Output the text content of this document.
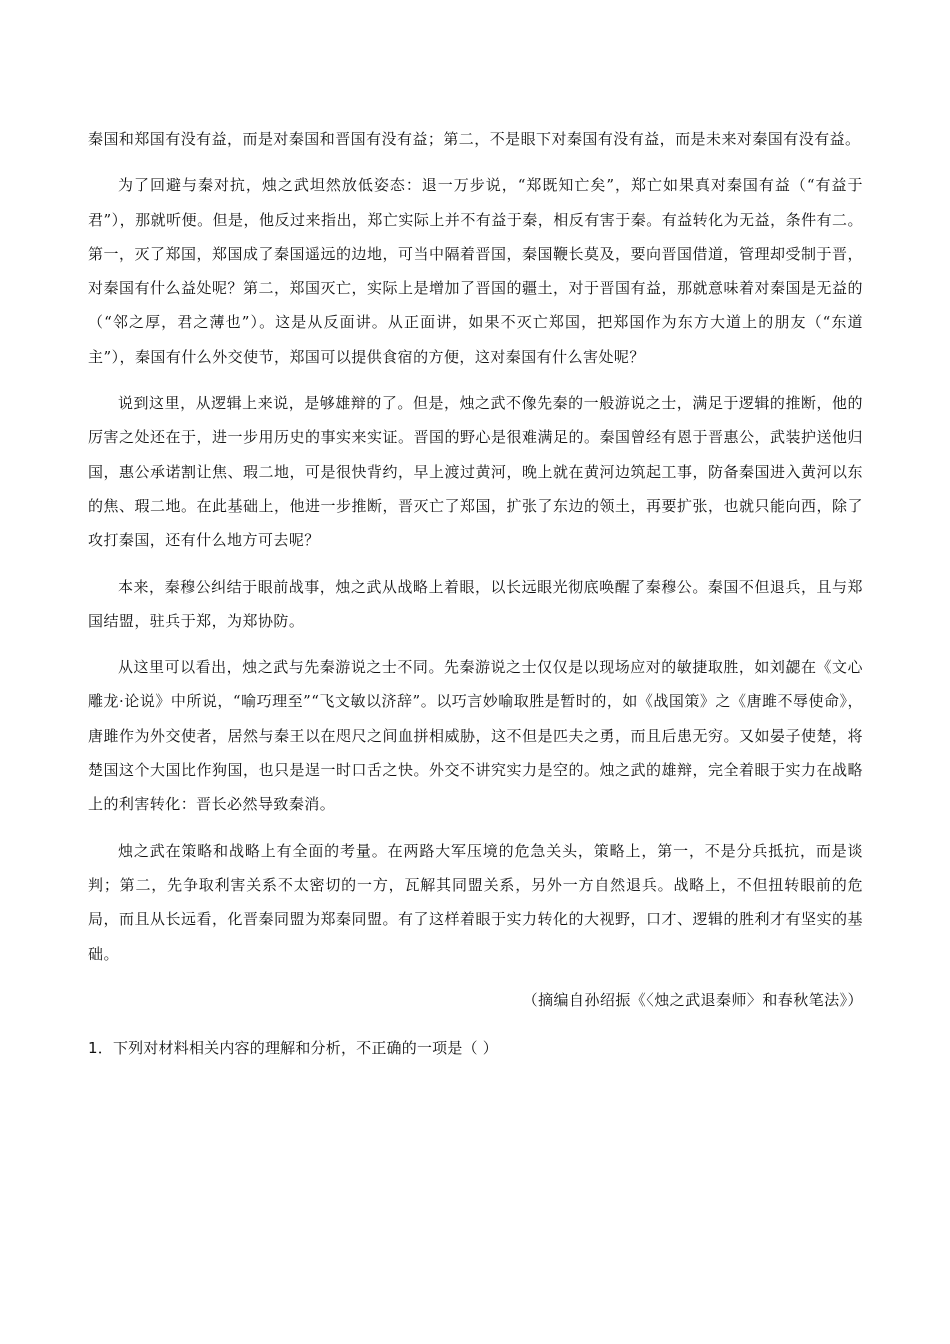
秦国和郑国有没有益，而是对秦国和晋国有没有益；第二，不是眼下对秦国有没有益，而是未来对秦国有没有益。

为了回避与秦对抗，烛之武坦然放低姿态：退一万步说，“郑既知亡矣”，郑亡如果真对秦国有益（“有益于君”），那就听便。但是，他反过来指出，郑亡实际上并不有益于秦，相反有害于秦。有益转化为无益，条件有二。第一，灭了郑国，郑国成了秦国遥远的边地，可当中隔着晋国，秦国鞭长莫及，要向晋国借道，管理却受制于晋，对秦国有什么益处呢？第二，郑国灭亡，实际上是增加了晋国的疆土，对于晋国有益，那就意味着对秦国是无益的（“邻之厚，君之薄也”）。这是从反面讲。从正面讲，如果不灭亡郑国，把郑国作为东方大道上的朋友（“东道主”），秦国有什么外交使节，郑国可以提供食宿的方便，这对秦国有什么害处呢？

说到这里，从逻辑上来说，是够雄辩的了。但是，烛之武不像先秦的一般游说之士，满足于逻辑的推断，他的厉害之处还在于，进一步用历史的事实来实证。晋国的野心是很难满足的。秦国曾经有恩于晋惠公，武装护送他归国，惠公承诺割让焦、瑕二地，可是很快背约，早上渡过黄河，晚上就在黄河边筑起工事，防备秦国进入黄河以东的焦、瑕二地。在此基础上，他进一步推断，晋灭亡了郑国，扩张了东边的领土，再要扩张，也就只能向西，除了攻打秦国，还有什么地方可去呢？

本来，秦穆公纠结于眼前战事，烛之武从战略上着眼，以长远眼光彻底唤醒了秦穆公。秦国不但退兵，且与郑国结盟，驻兵于郑，为郑协防。

从这里可以看出，烛之武与先秦游说之士不同。先秦游说之士仅仅是以现场应对的敏捷取胜，如刘勰在《文心雕龙·论说》中所说，“喻巧理至”“飞文敏以济辞”。以巧言妙喻取胜是暂时的，如《战国策》之《唐雎不辱使命》，唐雎作为外交使者，居然与秦王以在咫尺之间血拼相威胁，这不但是匹夫之勇，而且后患无穷。又如晏子使楚，将楚国这个大国比作狗国，也只是逞一时口舌之快。外交不讲究实力是空的。烛之武的雄辩，完全着眼于实力在战略上的利害转化：晋长必然导致秦消。

烛之武在策略和战略上有全面的考量。在两路大军压境的危急关头，策略上，第一，不是分兵抵抗，而是谈判；第二，先争取利害关系不太密切的一方，瓦解其同盟关系，另外一方自然退兵。战略上，不但扭转眼前的危局，而且从长远看，化晋秦同盟为郑秦同盟。有了这样着眼于实力转化的大视野，口才、逻辑的胜利才有坚实的基础。

（摘编自孙绍振《〈烛之武退秦师〉和春秋笔法》）

1．下列对材料相关内容的理解和分析，不正确的一项是（ ）
